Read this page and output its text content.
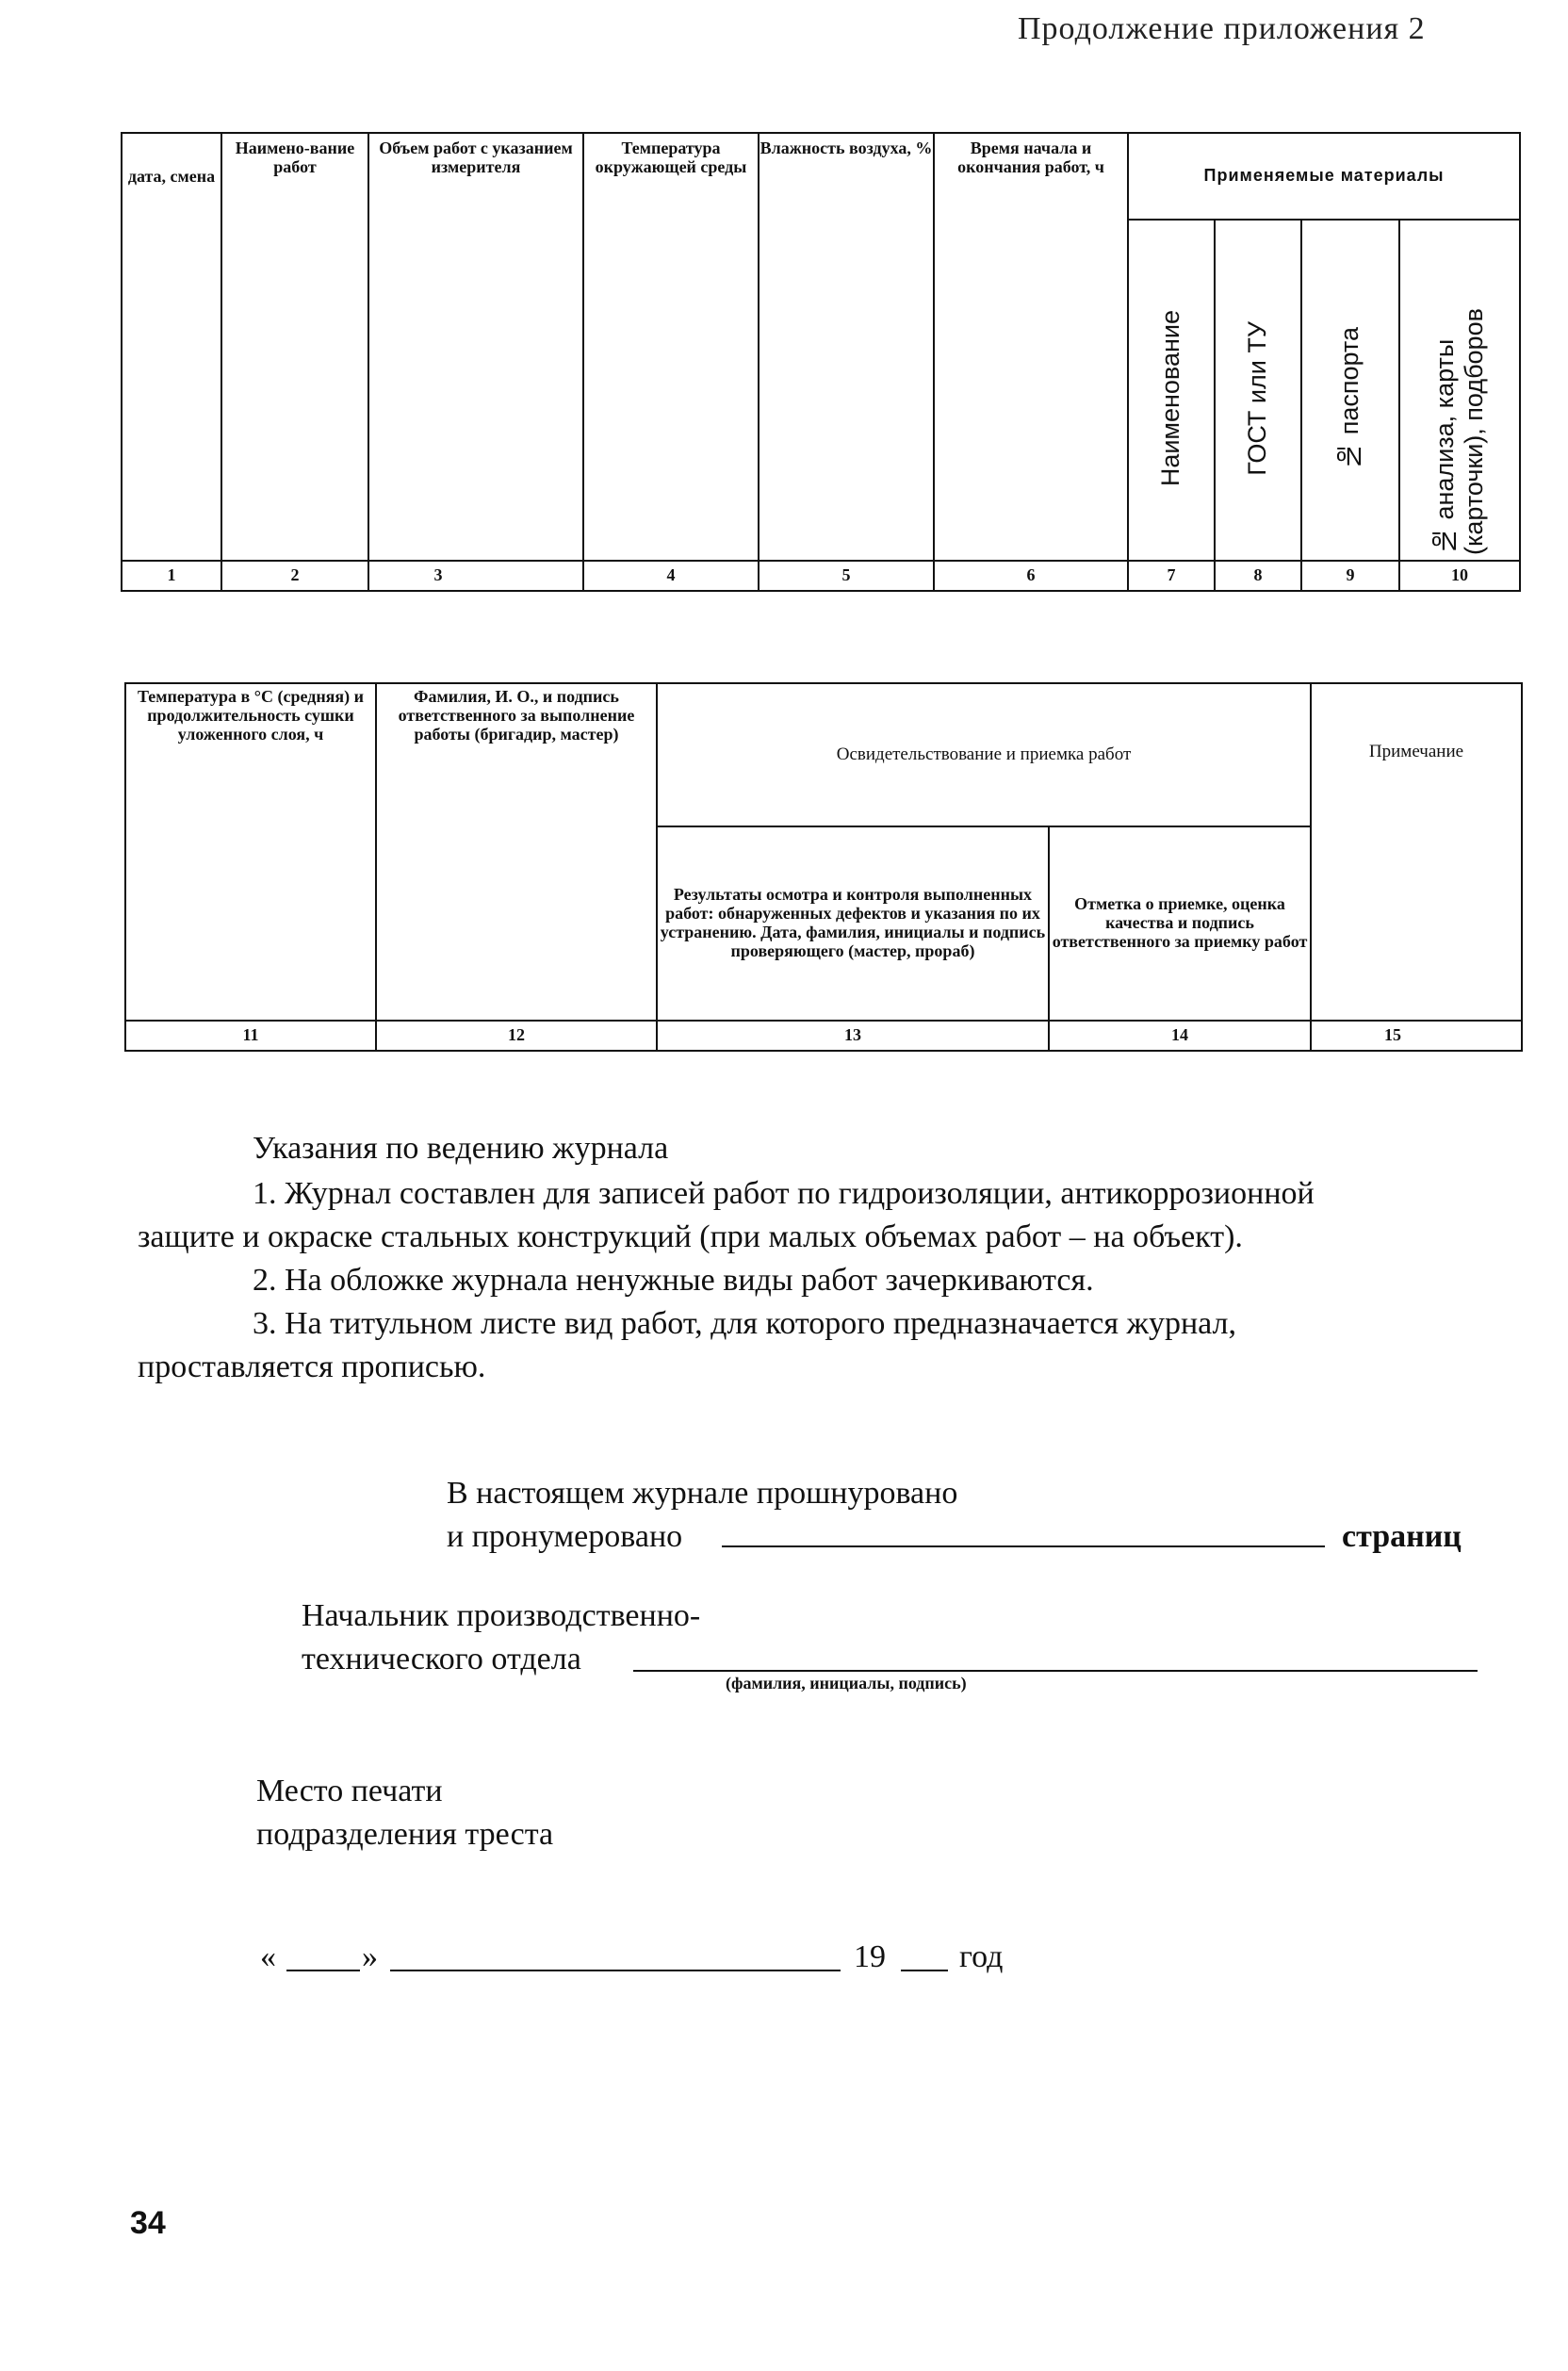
Продолжение приложения 2
дата, смена	Наимено-вание работ	Объем работ с указанием измерителя	Температура окружающей среды	Влажность воздуха, %	Время начала и окончания работ, ч	Применяемые материалы			
						Наименование	ГОСТ или ТУ	№ паспорта	№ анализа, карты (карточки), подборов
1	2	3	4	5	6	7	8	9	10
Температура в °С (средняя) и продолжительность сушки уложенного слоя, ч	Фамилия, И. О., и подпись ответственного за выполнение работы (бригадир, мастер)	Освидетельствование и приемка работ		Примечание
		Результаты осмотра и контроля выполненных работ: обнаруженных дефектов и указания по их устранению. Дата, фамилия, инициалы и подпись проверяющего (мастер, прораб)	Отметка о приемке, оценка качества и подпись ответственного за приемку работ	
11	12	13	14	15
Указания по ведению журнала
1. Журнал составлен для записей работ по гидроизоляции, антикоррозионной
защите и окраске стальных конструкций (при малых объемах работ – на объект).
2. На обложке журнала ненужные виды работ зачеркиваются.
3. На титульном листе вид работ, для которого предназначается журнал,
проставляется прописью.
В настоящем журнале прошнуровано
и пронумеровано	страниц
Начальник производственно-
технического отдела
(фамилия, инициалы, подпись)
Место печати
подразделения треста
«	»	19 год
34
